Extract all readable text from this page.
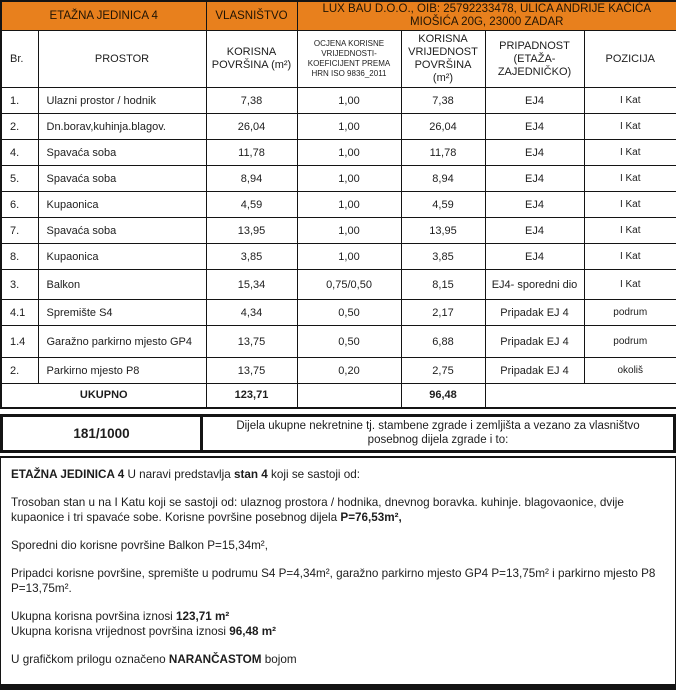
ETAŽNA JEDINICA 4		VLASNIŠTVO	LUX BAU D.O.O., OIB: 25792233478, ULICA ANDRIJE KAĆIĆA MIOŠIĆA 20G, 23000 ZADAR			
Br.	PROSTOR	KORISNA POVRŠINA (m²)	OCJENA KORISNE VRIJEDNOSTI-KOEFICIJENT PREMA HRN ISO 9836_2011	KORISNA VRIJEDNOST POVRŠINA (m²)	PRIPADNOST (ETAŽA-ZAJEDNIČKO)	POZICIJA
1.	Ulazni prostor / hodnik	7,38	1,00	7,38	EJ4	I Kat
2.	Dn.borav,kuhinja.blagov.	26,04	1,00	26,04	EJ4	I Kat
4.	Spavaća soba	11,78	1,00	11,78	EJ4	I Kat
5.	Spavaća soba	8,94	1,00	8,94	EJ4	I Kat
6.	Kupaonica	4,59	1,00	4,59	EJ4	I Kat
7.	Spavaća soba	13,95	1,00	13,95	EJ4	I Kat
8.	Kupaonica	3,85	1,00	3,85	EJ4	I Kat
3.	Balkon	15,34	0,75/0,50	8,15	EJ4- sporedni dio	I Kat
4.1	Spremište S4	4,34	0,50	2,17	Pripadak EJ 4	podrum
1.4	Garažno parkirno mjesto GP4	13,75	0,50	6,88	Pripadak EJ 4	podrum
2.	Parkirno mjesto P8	13,75	0,20	2,75	Pripadak EJ 4	okoliš
UKUPNO		123,71		96,48		
181/1000	Dijela ukupne nekretnine tj. stambene zgrade i zemljišta a vezano za vlasništvo posebnog dijela zgrade i to:

ETAŽNA JEDINICA 4 U naravi predstavlja stan 4 koji se sastoji od:

Trosoban stan u na I Katu koji se sastoji od: ulaznog prostora / hodnika, dnevnog boravka. kuhinje. blagovaonice, dvije kupaonice i tri spavaće sobe. Korisne površine posebnog dijela P=76,53m²,

Sporedni dio korisne površine Balkon P=15,34m²,

Pripadci korisne površine, spremište u podrumu S4 P=4,34m², garažno parkirno mjesto GP4 P=13,75m² i parkirno mjesto P8 P=13,75m².

Ukupna korisna površina iznosi 123,71 m²

Ukupna korisna vrijednost površina iznosi 96,48 m²

U grafičkom prilogu označeno NARANČASTOM bojom
